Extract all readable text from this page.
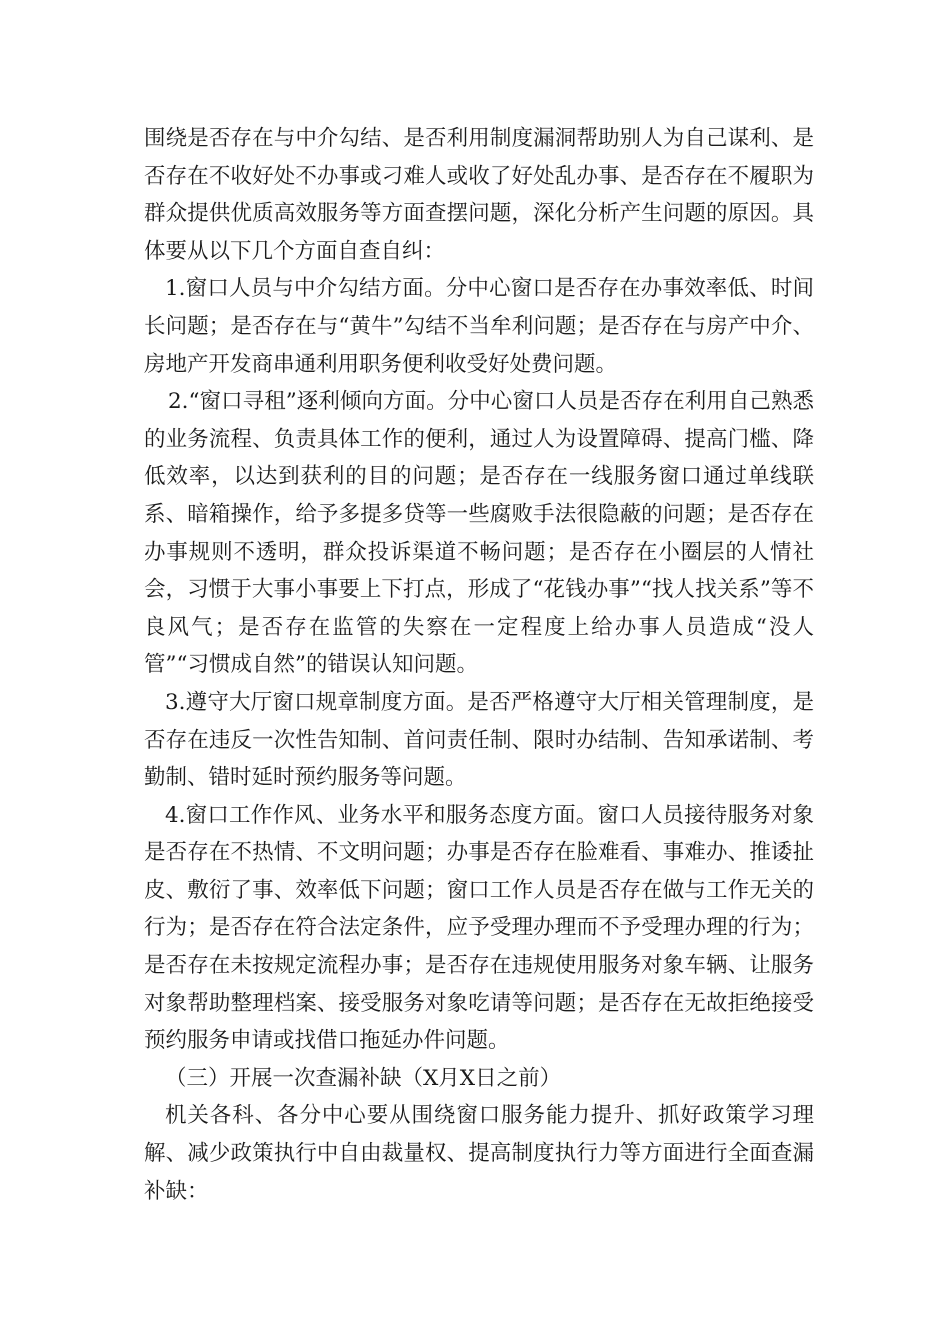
围绕是否存在与中介勾结、是否利用制度漏洞帮助别人为自己谋利、是否存在不收好处不办事或刁难人或收了好处乱办事、是否存在不履职为群众提供优质高效服务等方面查摆问题，深化分析产生问题的原因。具体要从以下几个方面自查自纠：

1.窗口人员与中介勾结方面。分中心窗口是否存在办事效率低、时间长问题；是否存在与“黄牛”勾结不当牟利问题；是否存在与房产中介、房地产开发商串通利用职务便利收受好处费问题。

2.“窗口寻租”逐利倾向方面。分中心窗口人员是否存在利用自己熟悉的业务流程、负责具体工作的便利，通过人为设置障碍、提高门槛、降低效率，以达到获利的目的问题；是否存在一线服务窗口通过单线联系、暗箱操作，给予多提多贷等一些腐败手法很隐蔽的问题；是否存在办事规则不透明，群众投诉渠道不畅问题；是否存在小圈层的人情社会，习惯于大事小事要上下打点，形成了“花钱办事”“找人找关系”等不良风气；是否存在监管的失察在一定程度上给办事人员造成“没人管”“习惯成自然”的错误认知问题。

3.遵守大厅窗口规章制度方面。是否严格遵守大厅相关管理制度，是否存在违反一次性告知制、首问责任制、限时办结制、告知承诺制、考勤制、错时延时预约服务等问题。

4.窗口工作作风、业务水平和服务态度方面。窗口人员接待服务对象是否存在不热情、不文明问题；办事是否存在脸难看、事难办、推诿扯皮、敷衍了事、效率低下问题；窗口工作人员是否存在做与工作无关的行为；是否存在符合法定条件，应予受理办理而不予受理办理的行为；是否存在未按规定流程办事；是否存在违规使用服务对象车辆、让服务对象帮助整理档案、接受服务对象吃请等问题；是否存在无故拒绝接受预约服务申请或找借口拖延办件问题。

（三）开展一次查漏补缺（X月X日之前）

机关各科、各分中心要从围绕窗口服务能力提升、抓好政策学习理解、减少政策执行中自由裁量权、提高制度执行力等方面进行全面查漏补缺：
